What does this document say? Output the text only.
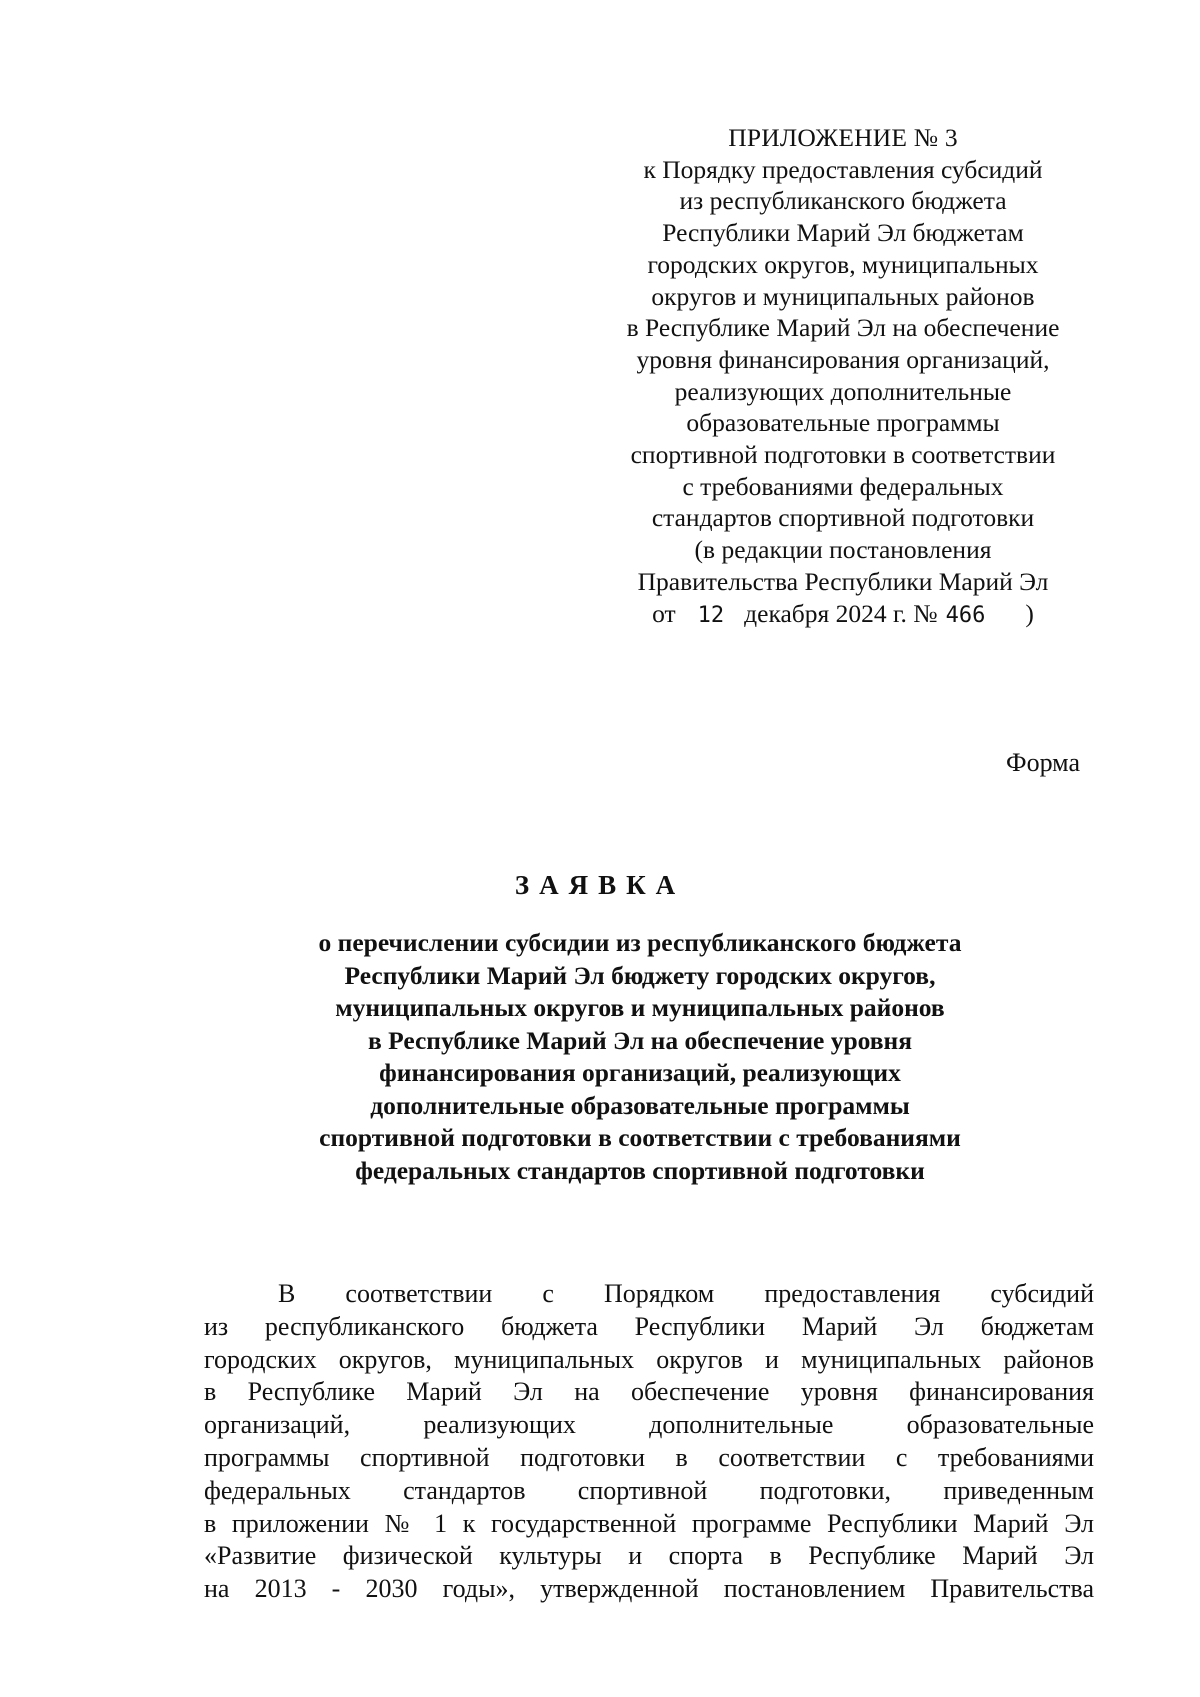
ПРИЛОЖЕНИЕ № 3
к Порядку предоставления субсидий
из республиканского бюджета
Республики Марий Эл бюджетам
городских округов, муниципальных
округов и муниципальных районов
в Республике Марий Эл на обеспечение
уровня финансирования организаций,
реализующих дополнительные
образовательные программы
спортивной подготовки в соответствии
с требованиями федеральных
стандартов спортивной подготовки
(в редакции постановления
Правительства Республики Марий Эл
от 12 декабря 2024 г. № 466 )
Форма
ЗАЯВКА
о перечислении субсидии из республиканского бюджета
Республики Марий Эл бюджету городских округов,
муниципальных округов и муниципальных районов
в Республике Марий Эл на обеспечение уровня
финансирования организаций, реализующих
дополнительные образовательные программы
спортивной подготовки в соответствии с требованиями
федеральных стандартов спортивной подготовки
В соответствии с Порядком предоставления субсидий
из республиканского бюджета Республики Марий Эл бюджетам
городских округов, муниципальных округов и муниципальных районов
в Республике Марий Эл на обеспечение уровня финансирования
организаций, реализующих дополнительные образовательные
программы спортивной подготовки в соответствии с требованиями
федеральных стандартов спортивной подготовки, приведенным
в приложении № 1 к государственной программе Республики Марий Эл
«Развитие физической культуры и спорта в Республике Марий Эл
на 2013 - 2030 годы», утвержденной постановлением Правительства
